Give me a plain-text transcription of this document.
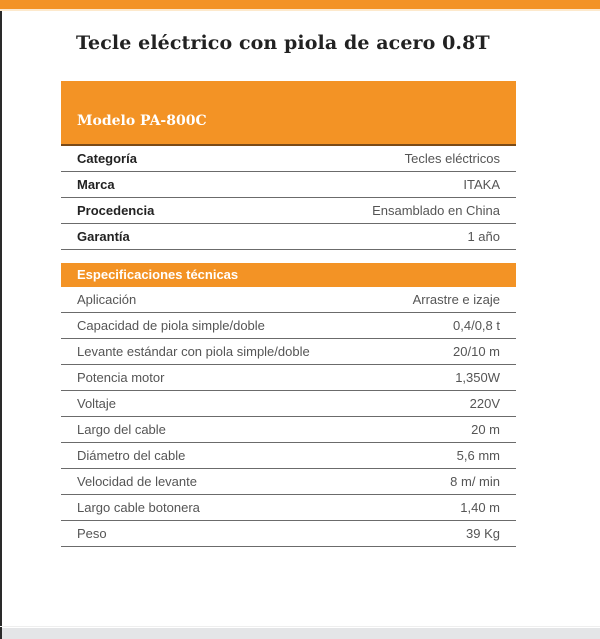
Tecle eléctrico con piola de acero 0.8T
Modelo PA-800C
Categoría	Tecles eléctricos
Marca	ITAKA
Procedencia	Ensamblado en China
Garantía	1 año
Especificaciones técnicas
Aplicación	Arrastre e izaje
Capacidad de piola simple/doble	0,4/0,8 t
Levante estándar con piola simple/doble	20/10 m
Potencia motor	1,350W
Voltaje	220V
Largo del cable	20 m
Diámetro del cable	5,6 mm
Velocidad de levante	8 m/ min
Largo cable botonera	1,40 m
Peso	39 Kg
